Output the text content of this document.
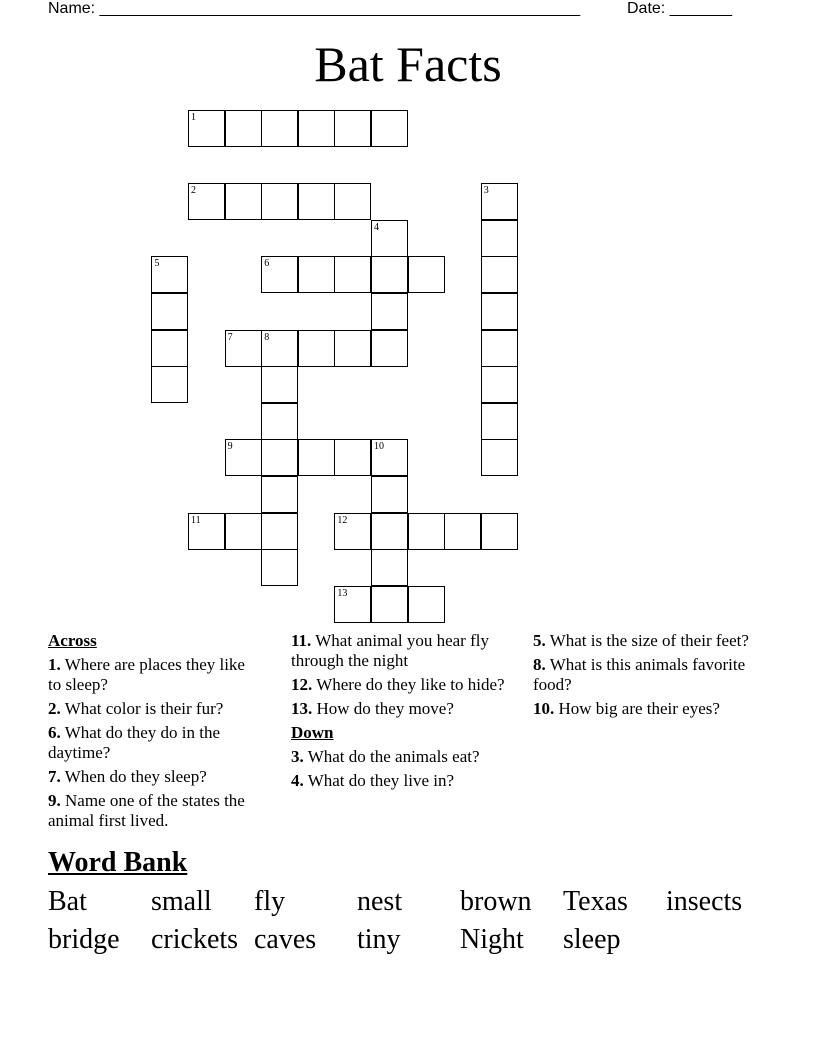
Name: ______________________________________________________	Date: _______
Bat Facts
1
2	3
4
5	6
7	8
9	10
11	12
13
Across
1. Where are places they like to sleep?
2. What color is their fur?
6. What do they do in the daytime?
7. When do they sleep?
9. Name one of the states the animal first lived.
11. What animal you hear fly through the night
12. Where do they like to hide?
13. How do they move?
Down
3. What do the animals eat?
4. What do they live in?
5. What is the size of their feet?
8. What is this animals favorite food?
10. How big are their eyes?
Word Bank
Bat small fly	nest brown Texas insects
bridge crickets caves tiny Night sleep
